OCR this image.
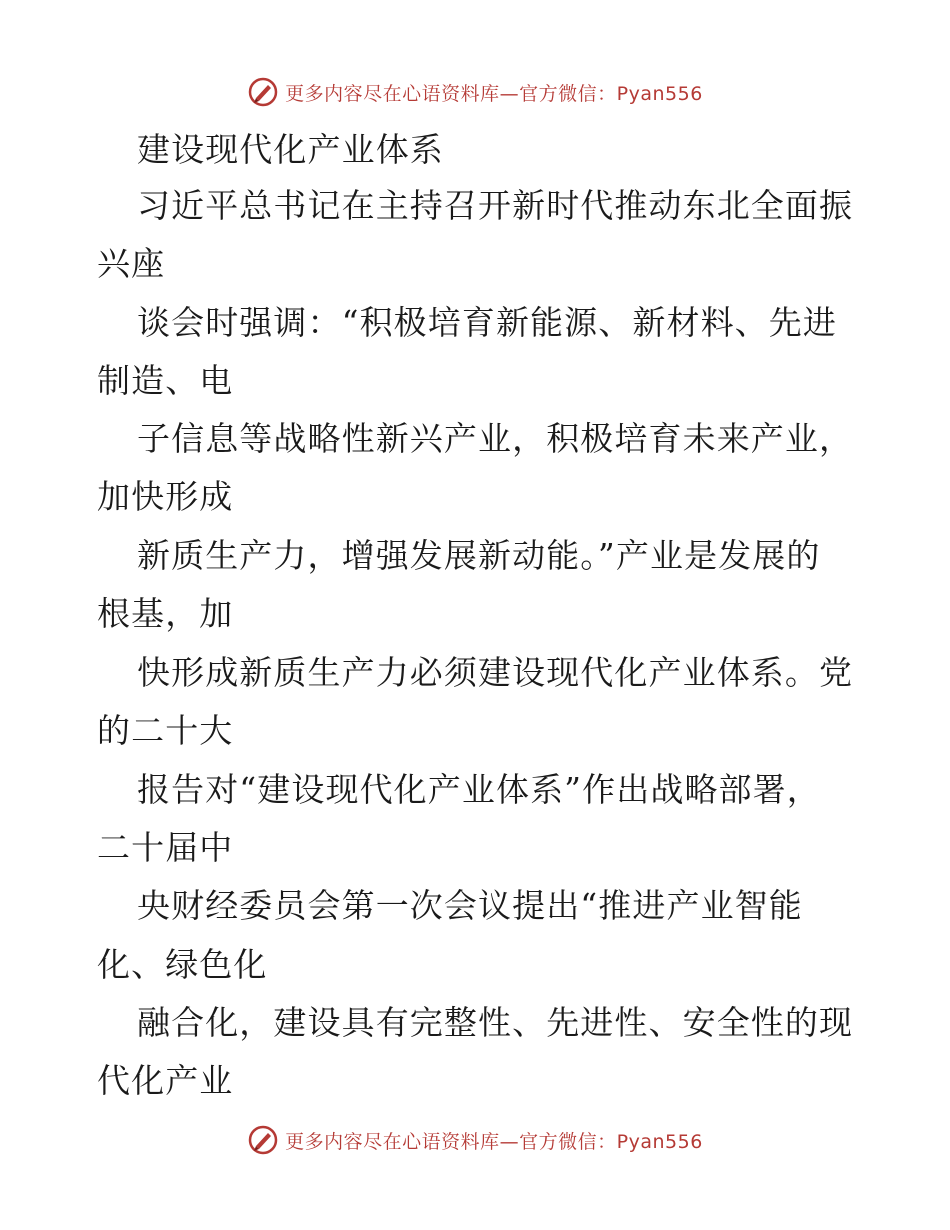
更多内容尽在心语资料库—官方微信：Pyan556
建设现代化产业体系
习近平总书记在主持召开新时代推动东北全面振
兴座
谈会时强调：“积极培育新能源、新材料、先进
制造、电
子信息等战略性新兴产业，积极培育未来产业，
加快形成
新质生产力，增强发展新动能。”产业是发展的
根基，加
快形成新质生产力必须建设现代化产业体系。党
的二十大
报告对“建设现代化产业体系”作出战略部署，
二十届中
央财经委员会第一次会议提出“推进产业智能
化、绿色化
融合化，建设具有完整性、先进性、安全性的现
代化产业
更多内容尽在心语资料库—官方微信：Pyan556
